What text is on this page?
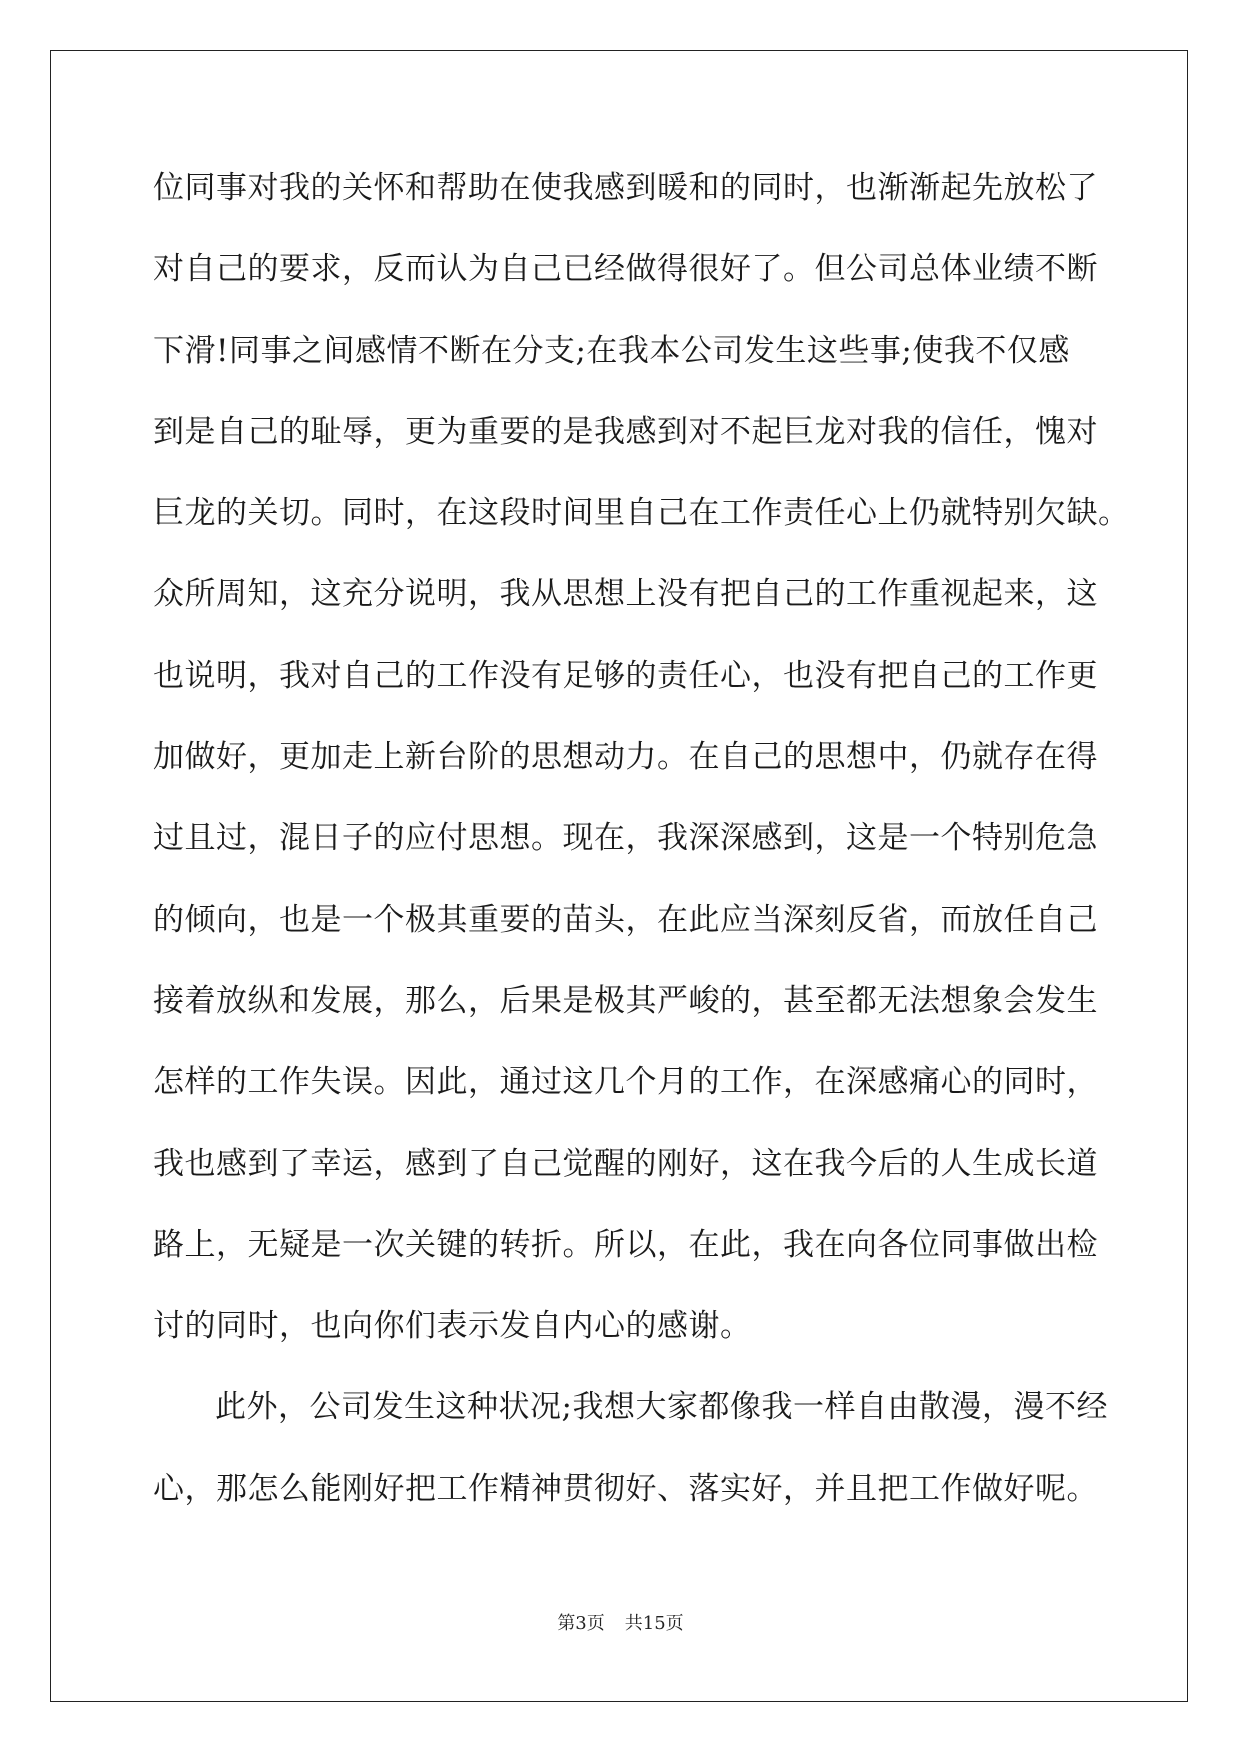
位同事对我的关怀和帮助在使我感到暖和的同时，也渐渐起先放松了
对自己的要求，反而认为自己已经做得很好了。但公司总体业绩不断
下滑!同事之间感情不断在分支;在我本公司发生这些事;使我不仅感
到是自己的耻辱，更为重要的是我感到对不起巨龙对我的信任，愧对
巨龙的关切。同时，在这段时间里自己在工作责任心上仍就特别欠缺。
众所周知，这充分说明，我从思想上没有把自己的工作重视起来，这
也说明，我对自己的工作没有足够的责任心，也没有把自己的工作更
加做好，更加走上新台阶的思想动力。在自己的思想中，仍就存在得
过且过，混日子的应付思想。现在，我深深感到，这是一个特别危急
的倾向，也是一个极其重要的苗头，在此应当深刻反省，而放任自己
接着放纵和发展，那么，后果是极其严峻的，甚至都无法想象会发生
怎样的工作失误。因此，通过这几个月的工作，在深感痛心的同时，
我也感到了幸运，感到了自己觉醒的刚好，这在我今后的人生成长道
路上，无疑是一次关键的转折。所以，在此，我在向各位同事做出检
讨的同时，也向你们表示发自内心的感谢。
此外，公司发生这种状况;我想大家都像我一样自由散漫，漫不经
心，那怎么能刚好把工作精神贯彻好、落实好，并且把工作做好呢。
第3页 共15页
